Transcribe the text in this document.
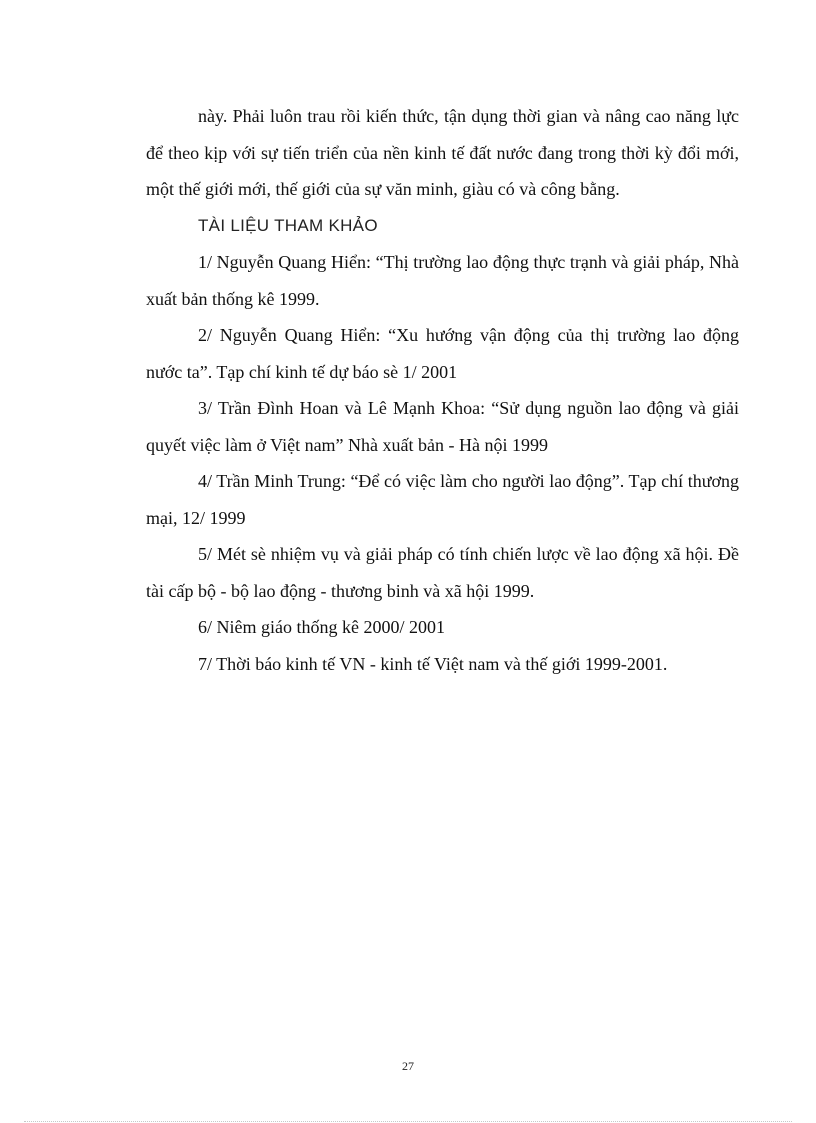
này. Phải luôn trau rồi kiến thức, tận dụng thời gian và nâng cao năng lực để theo kịp với sự tiến triển của nền kinh tế đất nước đang trong thời kỳ đổi mới, một thế giới mới, thế giới của sự văn minh, giàu có và công bằng.

TÀI LIỆU THAM KHẢO

1/ Nguyễn Quang Hiển: “Thị trường lao động thực trạnh và giải pháp, Nhà xuất bản thống kê 1999.

2/ Nguyễn Quang Hiển: “Xu hướng vận động của thị trường lao động nước ta”. Tạp chí kinh tế dự báo sè 1/ 2001

3/ Trần Đình Hoan và Lê Mạnh Khoa: “Sử dụng nguồn lao động và giải quyết việc làm ở Việt nam” Nhà xuất bản - Hà nội 1999

4/ Trần Minh Trung: “Để có việc làm cho người lao động”. Tạp chí thương mại, 12/ 1999

5/ Mét sè nhiệm vụ và giải pháp có tính chiến lược về lao động xã hội. Đề tài cấp bộ - bộ lao động - thương binh và xã hội 1999.

6/ Niêm giáo thống kê 2000/ 2001

7/ Thời báo kinh tế VN - kinh tế Việt nam và thế giới 1999-2001.

27
